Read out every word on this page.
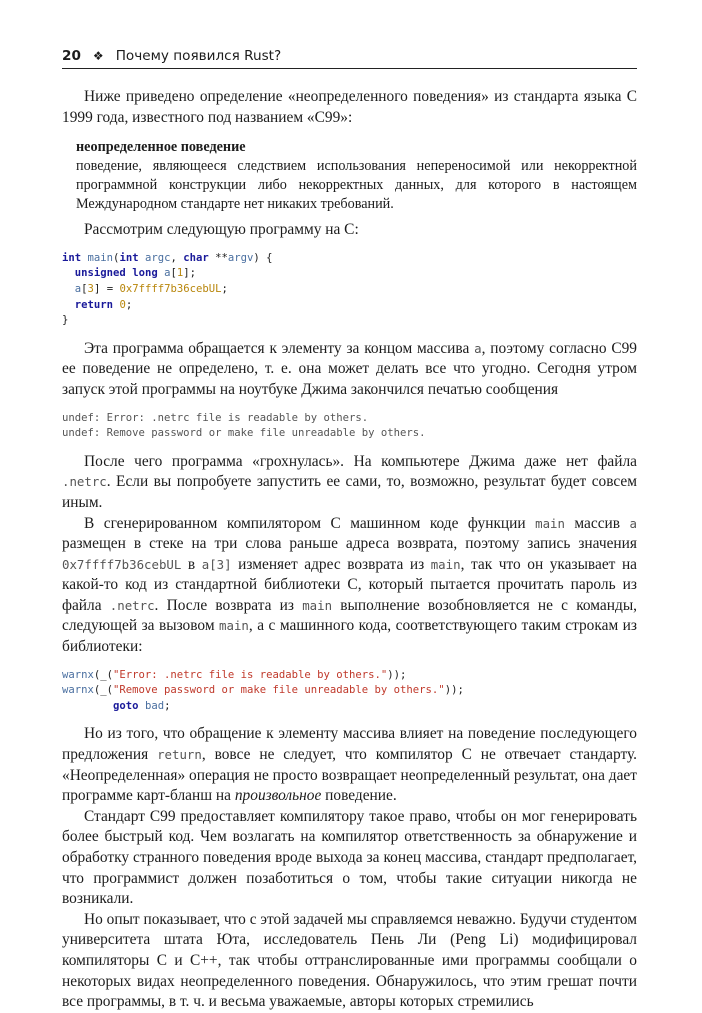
20 ❖ Почему появился Rust?

Ниже приведено определение «неопределенного поведения» из стандарта языка C 1999 года, известного под названием «C99»:

неопределенное поведение
поведение, являющееся следствием использования непереносимой или некорректной программной конструкции либо некорректных данных, для которого в настоящем Международном стандарте нет никаких требований.

Рассмотрим следующую программу на C:

int main(int argc, char **argv) {
unsigned long a[1];
a[3] = 0x7ffff7b36cebUL;
return 0;
}

Эта программа обращается к элементу за концом массива a, поэтому согласно C99 ее поведение не определено, т. е. она может делать все что угодно. Сегодня утром запуск этой программы на ноутбуке Джима закончился печатью сообщения

undef: Error: .netrc file is readable by others.
undef: Remove password or make file unreadable by others.

После чего программа «грохнулась». На компьютере Джима даже нет файла .netrc. Если вы попробуете запустить ее сами, то, возможно, результат будет совсем иным.

В сгенерированном компилятором C машинном коде функции main массив a размещен в стеке на три слова раньше адреса возврата, поэтому запись значения 0x7ffff7b36cebUL в a[3] изменяет адрес возврата из main, так что он указывает на какой-то код из стандартной библиотеки C, который пытается прочитать пароль из файла .netrc. После возврата из main выполнение возобновляется не с команды, следующей за вызовом main, а с машинного кода, соответствующего таким строкам из библиотеки:

warnx(_("Error: .netrc file is readable by others."));
warnx(_("Remove password or make file unreadable by others."));
goto bad;

Но из того, что обращение к элементу массива влияет на поведение последующего предложения return, вовсе не следует, что компилятор C не отвечает стандарту. «Неопределенная» операция не просто возвращает неопределенный результат, она дает программе карт-бланш на произвольное поведение.

Стандарт C99 предоставляет компилятору такое право, чтобы он мог генерировать более быстрый код. Чем возлагать на компилятор ответственность за обнаружение и обработку странного поведения вроде выхода за конец массива, стандарт предполагает, что программист должен позаботиться о том, чтобы такие ситуации никогда не возникали.

Но опыт показывает, что с этой задачей мы справляемся неважно. Будучи студентом университета штата Юта, исследователь Пень Ли (Peng Li) модифицировал компиляторы C и C++, так чтобы оттранслированные ими программы сообщали о некоторых видах неопределенного поведения. Обнаружилось, что этим грешат почти все программы, в т. ч. и весьма уважаемые, авторы которых стремились
